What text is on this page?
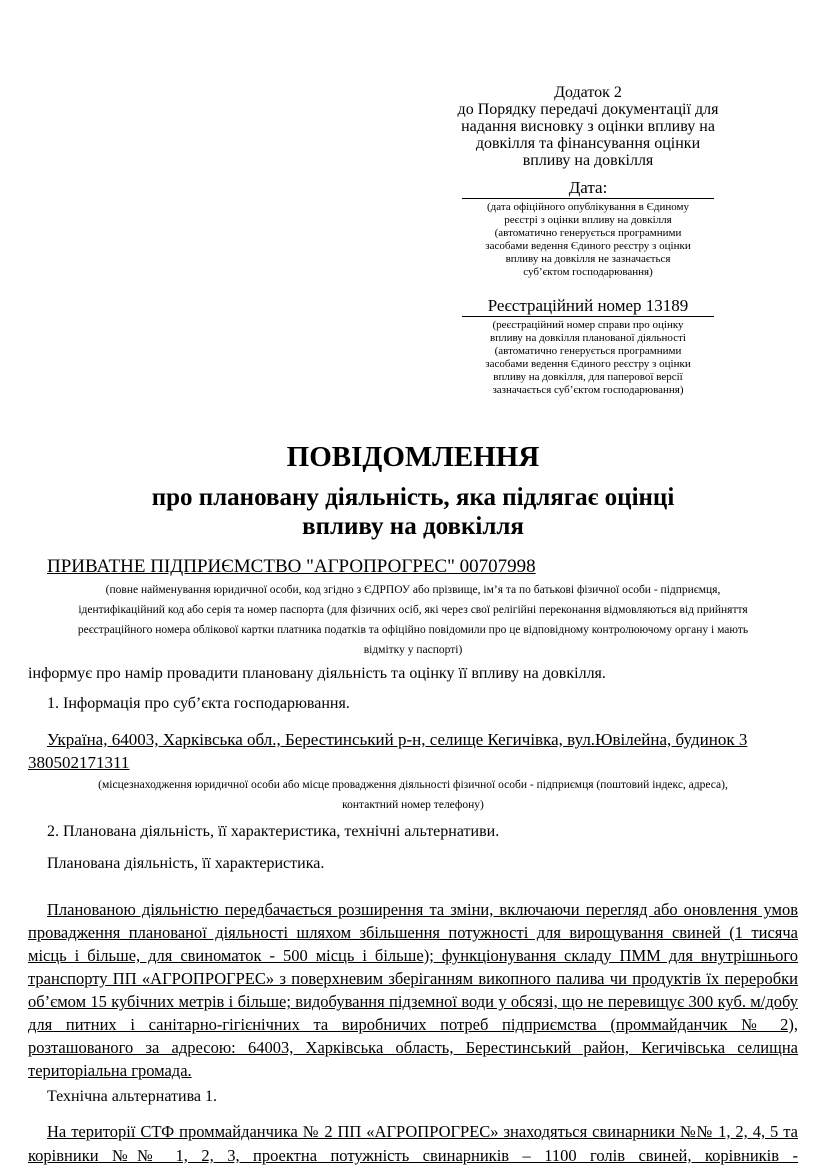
Додаток 2
до Порядку передачі документації для
надання висновку з оцінки впливу на
довкілля та фінансування оцінки
впливу на довкілля
Дата:
(дата офіційного опублікування в Єдиному
реєстрі з оцінки впливу на довкілля
(автоматично генерується програмними
засобами ведення Єдиного реєстру з оцінки
впливу на довкілля не зазначається
суб’єктом господарювання)
Реєстраційний номер 13189
(реєстраційний номер справи про оцінку
впливу на довкілля планованої діяльності
(автоматично генерується програмними
засобами ведення Єдиного реєстру з оцінки
впливу на довкілля, для паперової версії
зазначається суб’єктом господарювання)
ПОВІДОМЛЕННЯ
про плановану діяльність, яка підлягає оцінці
впливу на довкілля
ПРИВАТНЕ ПІДПРИЄМСТВО "АГРОПРОГРЕС" 00707998
(повне найменування юридичної особи, код згідно з ЄДРПОУ або прізвище, ім’я та по батькові фізичної особи - підприємця,
ідентифікаційний код або серія та номер паспорта (для фізичних осіб, які через свої релігійні переконання відмовляються від прийняття
реєстраційного номера облікової картки платника податків та офіційно повідомили про це відповідному контролюючому органу і мають
відмітку у паспорті)
інформує про намір провадити плановану діяльність та оцінку її впливу на довкілля.
1. Інформація про суб’єкта господарювання.
Україна, 64003, Харківська обл., Берестинський р-н, селище Кегичівка, вул.Ювілейна, будинок 3 380502171311
(місцезнаходження юридичної особи або місце провадження діяльності фізичної особи - підприємця (поштовий індекс, адреса),
контактний номер телефону)
2. Планована діяльність, її характеристика, технічні альтернативи.
Планована діяльність, її характеристика.
Планованою діяльністю передбачається розширення та зміни, включаючи перегляд або оновлення умов провадження планованої діяльності шляхом збільшення потужності для вирощування свиней (1 тисяча місць і більше, для свиноматок - 500 місць і більше); функціонування складу ПММ для внутрішнього транспорту ПП «АГРОПРОГРЕС» з поверхневим зберіганням викопного палива чи продуктів їх переробки об’ємом 15 кубічних метрів і більше; видобування підземної води у обсязі, що не перевищує 300 куб. м/добу для питних і санітарно-гігієнічних та виробничих потреб підприємства (проммайданчик № 2), розташованого за адресою: 64003, Харківська область, Берестинський район, Кегичівська селищна територіальна громада.
Технічна альтернатива 1.
На території СТФ проммайданчика № 2 ПП «АГРОПРОГРЕС» знаходяться свинарники №№ 1, 2, 4, 5 та корівники №№ 1, 2, 3, проектна потужність свинарників – 1100 голів свиней, корівників -
